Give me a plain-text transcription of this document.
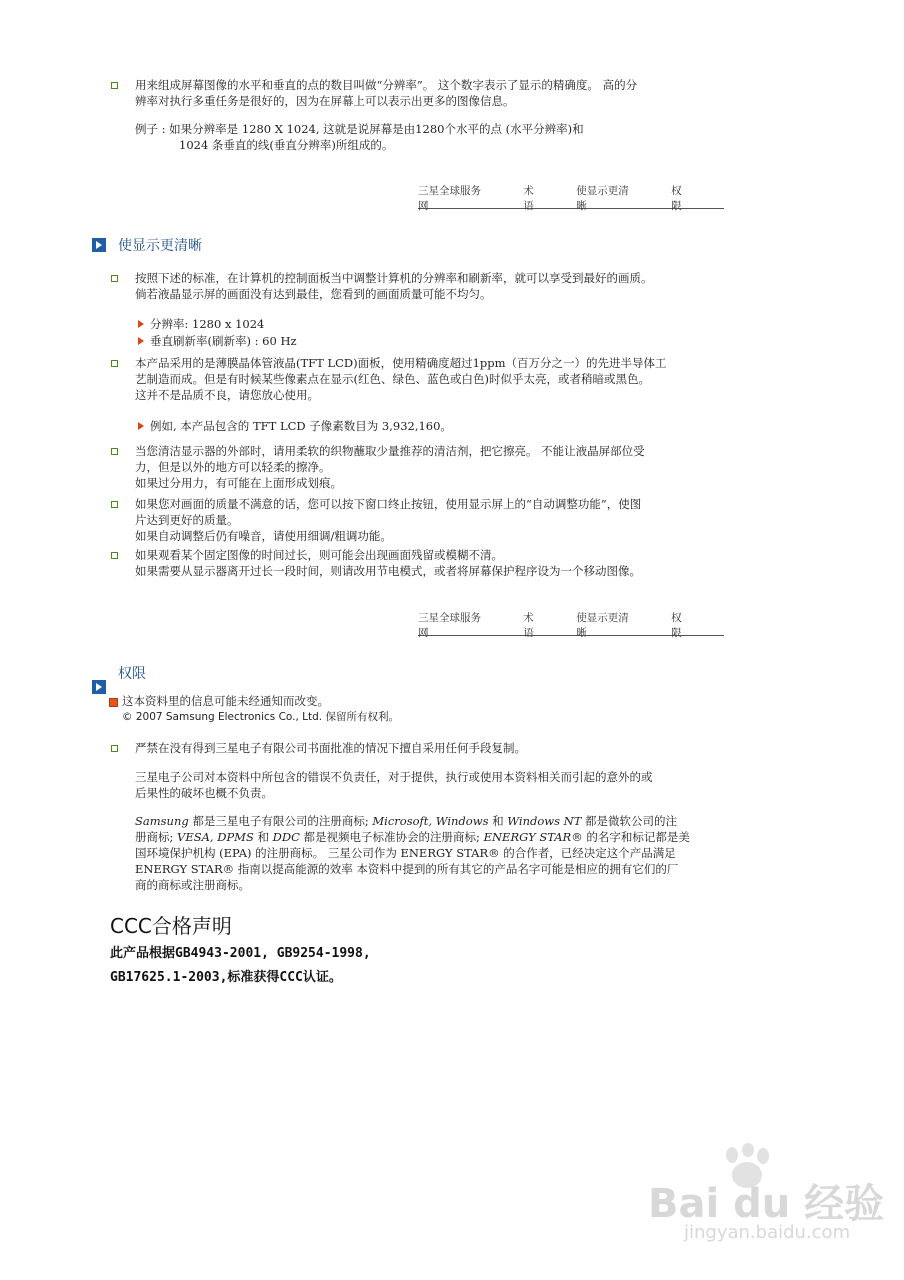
用来组成屏幕图像的水平和垂直的点的数目叫做“分辨率”。 这个数字表示了显示的精确度。 高的分
辨率对执行多重任务是很好的，因为在屏幕上可以表示出更多的图像信息。
例子 : 如果分辨率是 1280 X 1024, 这就是说屏幕是由1280个水平的点 (水平分辨率)和
1024 条垂直的线(垂直分辨率)所组成的。
三星全球服务网
术语
使显示更清晰
权限
使显示更清晰
按照下述的标准，在计算机的控制面板当中调整计算机的分辨率和刷新率，就可以享受到最好的画质。
倘若液晶显示屏的画面没有达到最佳，您看到的画面质量可能不均匀。
分辨率: 1280 x 1024
垂直刷新率(刷新率) : 60 Hz
本产品采用的是薄膜晶体管液晶(TFT LCD)面板，使用精确度超过1ppm（百万分之一）的先进半导体工
艺制造而成。但是有时候某些像素点在显示(红色、绿色、蓝色或白色)时似乎太亮，或者稍暗或黑色。
这并不是品质不良，请您放心使用。
例如, 本产品包含的 TFT LCD 子像素数目为 3,932,160。
当您清洁显示器的外部时，请用柔软的织物蘸取少量推荐的清洁剂，把它擦亮。 不能让液晶屏部位受
力，但是以外的地方可以轻柔的擦净。
如果过分用力，有可能在上面形成划痕。
如果您对画面的质量不满意的话，您可以按下窗口终止按钮，使用显示屏上的“自动调整功能”，使图
片达到更好的质量。
如果自动调整后仍有噪音，请使用细调/粗调功能。
如果观看某个固定图像的时间过长，则可能会出现画面残留或模糊不清。
如果需要从显示器离开过长一段时间，则请改用节电模式，或者将屏幕保护程序设为一个移动图像。
三星全球服务网
术语
使显示更清晰
权限
权限
这本资料里的信息可能未经通知而改变。
© 2007 Samsung Electronics Co., Ltd. 保留所有权利。
严禁在没有得到三星电子有限公司书面批准的情况下擅自采用任何手段复制。
三星电子公司对本资料中所包含的错误不负责任，对于提供，执行或使用本资料相关而引起的意外的或
后果性的破坏也概不负责。
Samsung 都是三星电子有限公司的注册商标; Microsoft, Windows 和 Windows NT 都是微软公司的注
册商标; VESA, DPMS 和 DDC 都是视频电子标准协会的注册商标; ENERGY STAR® 的名字和标记都是美
国环境保护机构 (EPA) 的注册商标。 三星公司作为 ENERGY STAR® 的合作者，已经决定这个产品满足
ENERGY STAR® 指南以提高能源的效率 本资料中提到的所有其它的产品名字可能是相应的拥有它们的厂
商的商标或注册商标。
CCC合格声明
此产品根据GB4943-2001, GB9254-1998,
GB17625.1-2003,标准获得CCC认证。
Bai du 经验
jingyan.baidu.com
